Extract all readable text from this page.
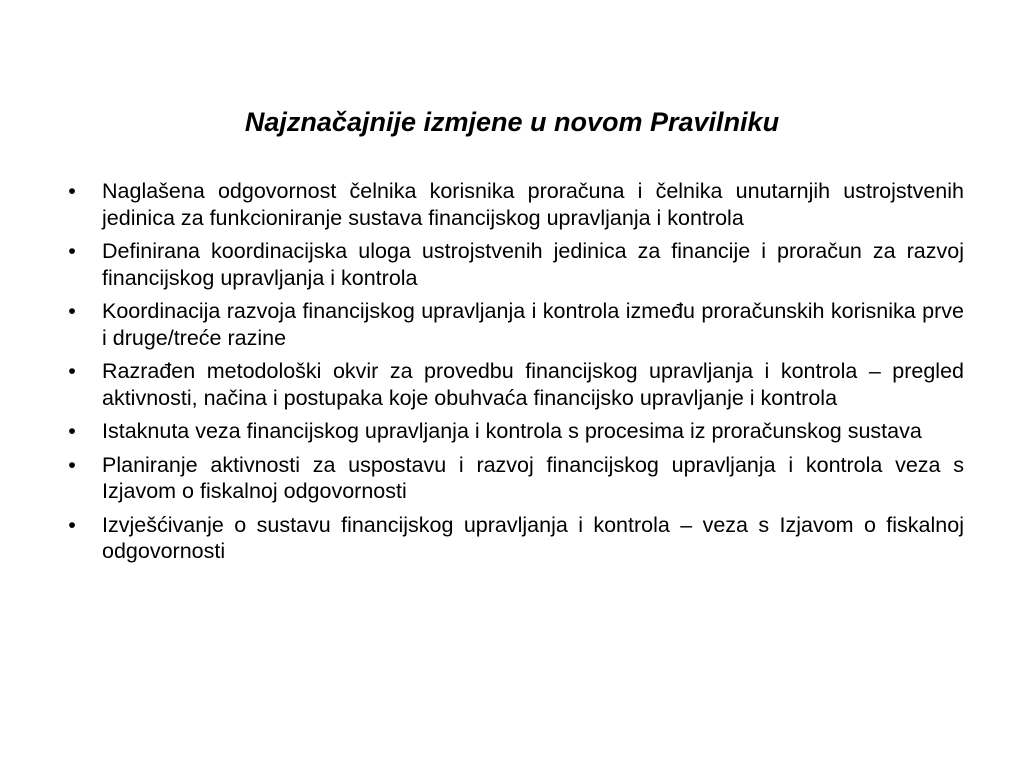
Najznačajnije izmjene u novom Pravilniku
• Naglašena odgovornost čelnika korisnika proračuna i čelnika unutarnjih ustrojstvenih jedinica za funkcioniranje sustava financijskog upravljanja i kontrola
• Definirana koordinacijska uloga ustrojstvenih jedinica za financije i proračun za razvoj financijskog upravljanja i kontrola
• Koordinacija razvoja financijskog upravljanja i kontrola između proračunskih korisnika prve i druge/treće razine
• Razrađen metodološki okvir za provedbu financijskog upravljanja i kontrola – pregled aktivnosti, načina i postupaka koje obuhvaća financijsko upravljanje i kontrola
• Istaknuta veza financijskog upravljanja i kontrola s procesima iz proračunskog sustava
• Planiranje aktivnosti za uspostavu i razvoj financijskog upravljanja i kontrola veza s Izjavom o fiskalnoj odgovornosti
• Izvješćivanje o sustavu financijskog upravljanja i kontrola – veza s Izjavom o fiskalnoj odgovornosti
